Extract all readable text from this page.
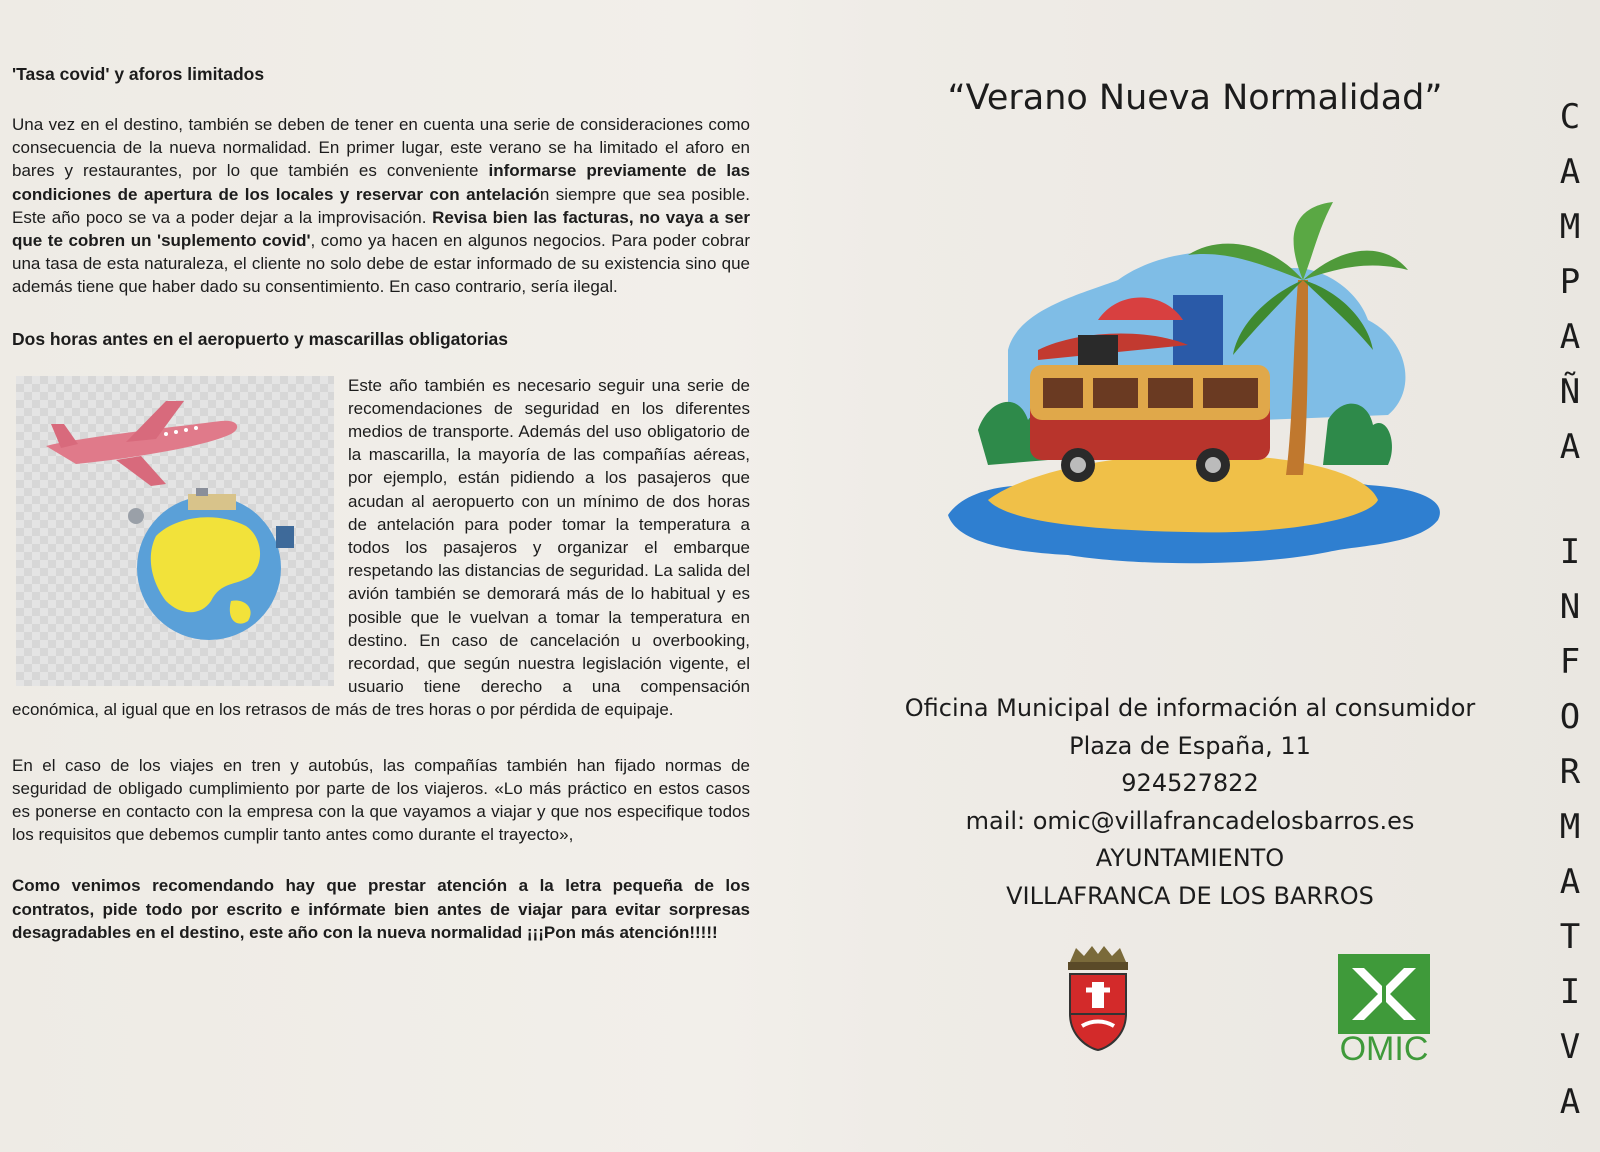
'Tasa covid' y aforos limitados

Una vez en el destino, también se deben de tener en cuenta una serie de consideraciones como consecuencia de la nueva normalidad. En primer lugar, este verano se ha limitado el aforo en bares y restaurantes, por lo que también es conveniente informarse previamente de las condiciones de apertura de los locales y reservar con antelación siempre que sea posible. Este año poco se va a poder dejar a la improvisación. Revisa bien las facturas, no vaya a ser que te cobren un 'suplemento covid', como ya hacen en algunos negocios. Para poder cobrar una tasa de esta naturaleza, el cliente no solo debe de estar informado de su existencia sino que además tiene que haber dado su consentimiento. En caso contrario, sería ilegal.

Dos horas antes en el aeropuerto y mascarillas obligatorias

Este año también es necesario seguir una serie de recomendaciones de seguridad en los diferentes medios de transporte. Además del uso obligatorio de la mascarilla, la mayoría de las compañías aéreas, por ejemplo, están pidiendo a los pasajeros que acudan al aeropuerto con un mínimo de dos horas de antelación para poder tomar la temperatura a todos los pasajeros y organizar el embarque respetando las distancias de seguridad. La salida del avión también se demorará más de lo habitual y es posible que le vuelvan a tomar la temperatura en destino. En caso de cancelación u overbooking, recordad, que según nuestra legislación vigente, el usuario tiene derecho a una compensación económica, al igual que en los retrasos de más de tres horas o por pérdida de equipaje.

En el caso de los viajes en tren y autobús, las compañías también han fijado normas de seguridad de obligado cumplimiento por parte de los viajeros. «Lo más práctico en estos casos es ponerse en contacto con la empresa con la que vayamos a viajar y que nos especifique todos los requisitos que debemos cumplir tanto antes como durante el trayecto»,

Como venimos recomendando hay que prestar atención a la letra pequeña de los contratos, pide todo por escrito e infórmate bien antes de viajar para evitar sorpresas desagradables en el destino, este año con la nueva normalidad ¡¡¡Pon más atención!!!!!

“Verano Nueva Normalidad”
Oficina Municipal de información al consumidor
Plaza de España, 11
924527822
mail: omic@villafrancadelosbarros.es
AYUNTAMIENTO
VILLAFRANCA DE LOS BARROS
OMIC
C
A
M
P
A
Ñ
A
I
N
F
O
R
M
A
T
I
V
A
